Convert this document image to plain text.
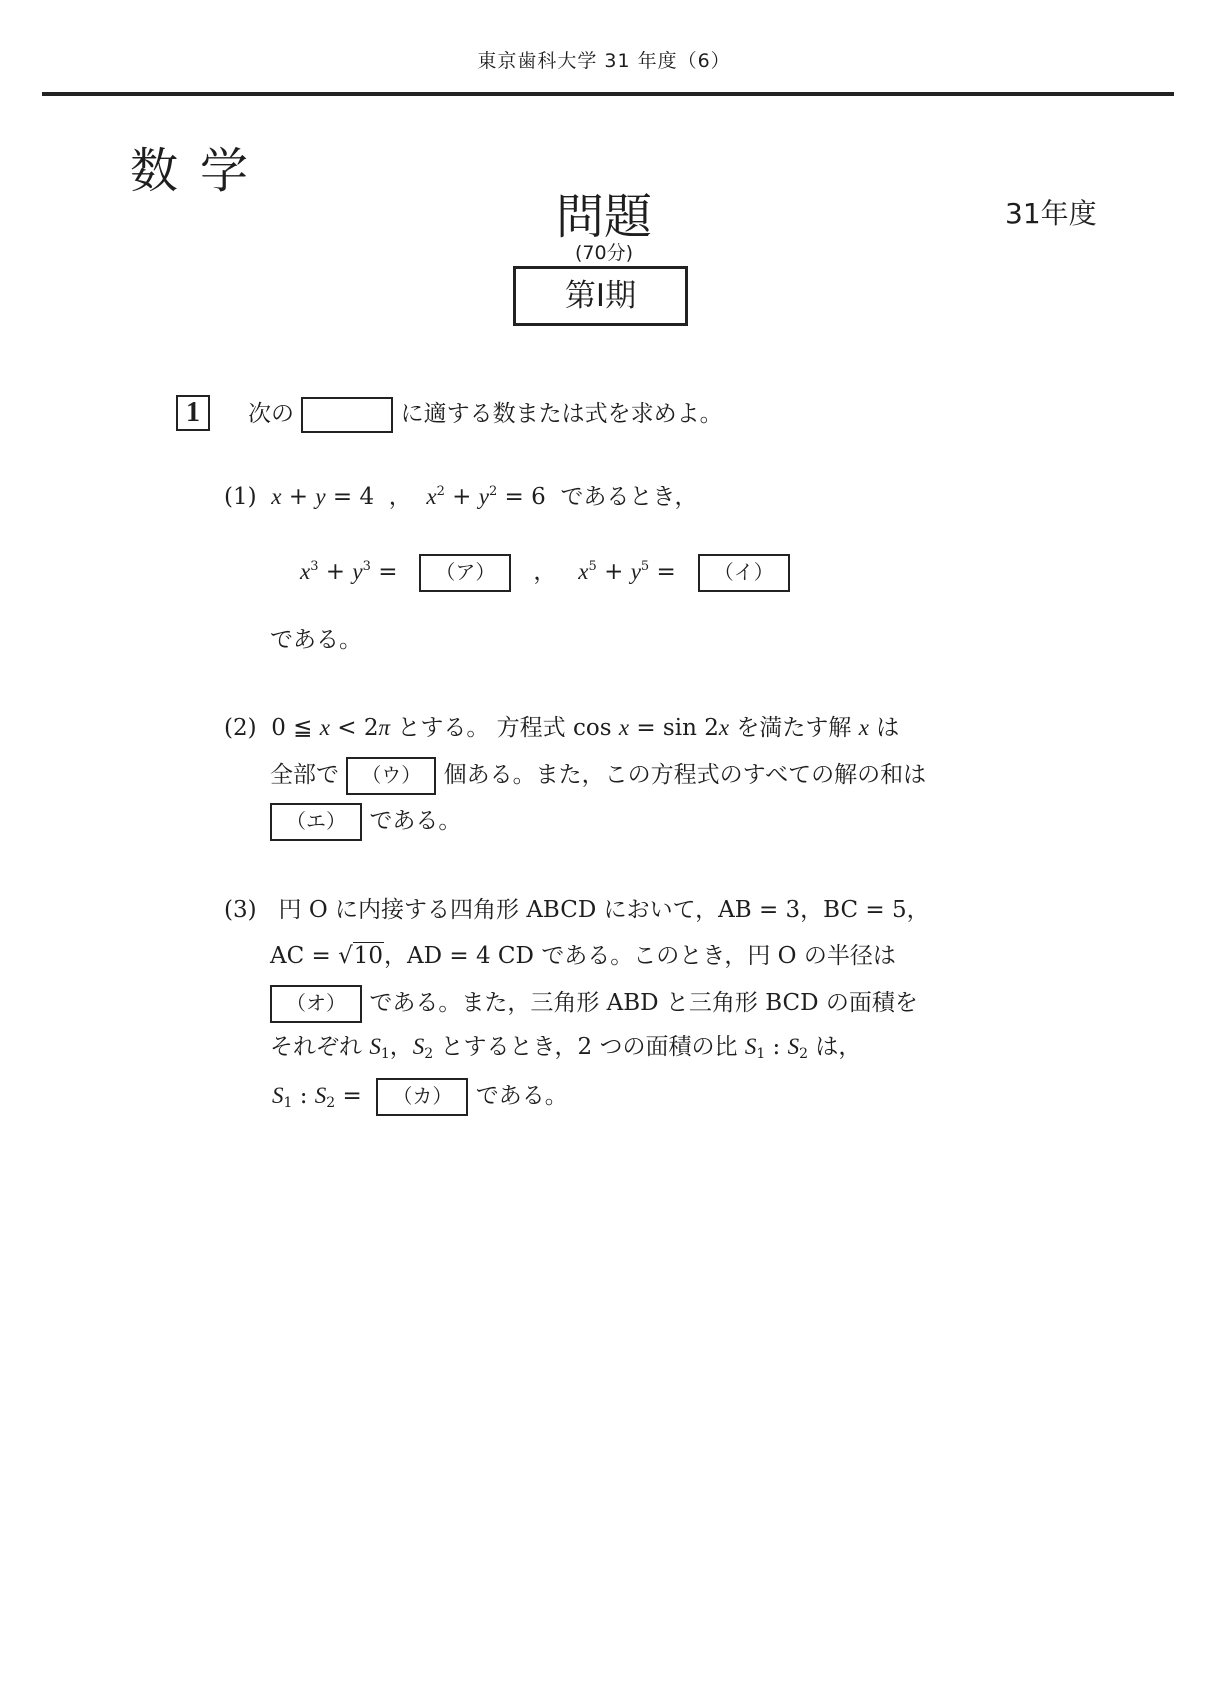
東京歯科大学 31 年度（6）
数学
問題	31年度
(70分)
第Ⅰ期
1	次の	に適する数または式を求めよ。
(1) x + y = 4  ， $x^2 + y^2 = 6$  であるとき，
$x^3 + y^3$ =   （ア） ， $x^5 + y^5$ =   （イ）
である。
(2)  0 ≦ x < 2π とする。 方程式 cos x = sin 2x を満たす解 x は
全部で （ウ） 個ある。また，この方程式のすべての解の和は
（エ） である。
(3) 円 O に内接する四角形 ABCD において，AB = 3，BC = 5，
AC = √10，AD = 4 CD である。このとき，円 O の半径は
（オ） である。また，三角形 ABD と三角形 BCD の面積を
それぞれ $S_1$，$S_2$ とするとき，2 つの面積の比 $S_1$ : $S_2$ は，
$S_1$ : $S_2$ =  （カ） である。
